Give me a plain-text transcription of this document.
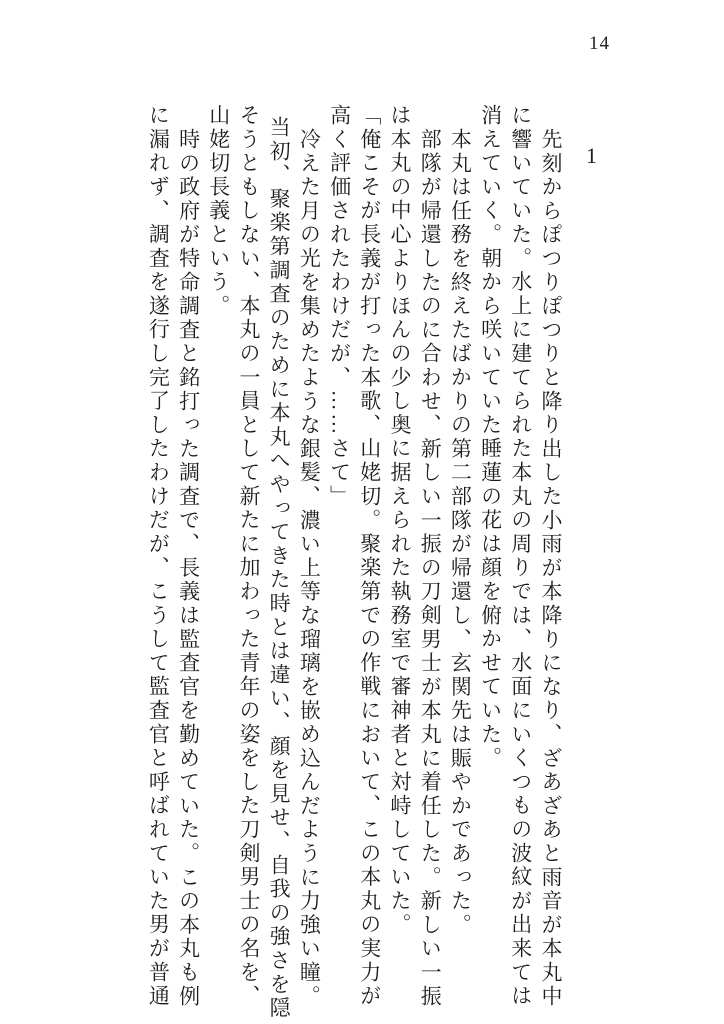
14
1
先刻からぽつりぽつりと降り出した小雨が本降りになり、ざあざあと雨音が本丸中
に響いていた。水上に建てられた本丸の周りでは、水面にいくつもの波紋が出来ては
消えていく。朝から咲いていた睡蓮の花は顔を俯かせていた。
本丸は任務を終えたばかりの第二部隊が帰還し、玄関先は賑やかであった。
部隊が帰還したのに合わせ、新しい一振の刀剣男士が本丸に着任した。新しい一振
は本丸の中心よりほんの少し奥に据えられた執務室で審神者と対峙していた。
「俺こそが長義が打った本歌、山姥切。聚楽第での作戦において、この本丸の実力が
高く評価されたわけだが、……さて」
冷えた月の光を集めたような銀髪、濃い上等な瑠璃を嵌め込んだように力強い瞳。
当初、聚楽第調査のために本丸へやってきた時とは違い、顔を見せ、自我の強さを隠
そうともしない、本丸の一員として新たに加わった青年の姿をした刀剣男士の名を、
山姥切長義という。
時の政府が特命調査と銘打った調査で、長義は監査官を勤めていた。この本丸も例
に漏れず、調査を遂行し完了したわけだが、こうして監査官と呼ばれていた男が普通
